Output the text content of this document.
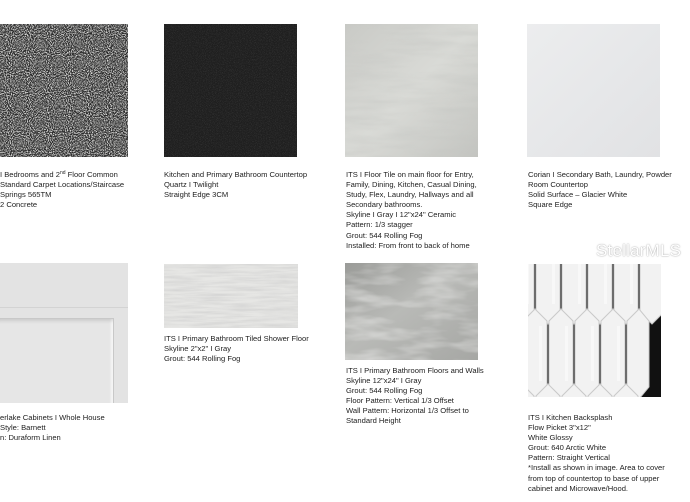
I Bedrooms and 2nd Floor Common
Standard Carpet Locations/Staircase
Springs 565TM
2 Concrete
Kitchen and Primary Bathroom Countertop
Quartz I Twilight
Straight Edge 3CM
ITS I Floor Tile on main floor for Entry,
Family, Dining, Kitchen, Casual Dining,
Study, Flex, Laundry, Hallways and all
Secondary bathrooms.
Skyline I Gray I 12"x24" Ceramic
Pattern: 1/3 stagger
Grout: 544 Rolling Fog
Installed: From front to back of home
Corian I Secondary Bath, Laundry, Powder
Room Countertop
Solid Surface – Glacier White
Square Edge
erlake Cabinets I Whole House
Style: Barnett
n: Duraform Linen
ITS I Primary Bathroom Tiled Shower Floor
Skyline 2"x2" I Gray
Grout: 544 Rolling Fog
ITS I Primary Bathroom Floors and Walls
Skyline 12"x24" I Gray
Grout: 544 Rolling Fog
Floor Pattern: Vertical 1/3 Offset
Wall Pattern: Horizontal 1/3 Offset to
Standard Height	ITS I Kitchen Backsplash
Flow Picket 3"x12"
White Glossy
Grout: 640 Arctic White
Pattern: Straight Vertical
*Install as shown in image. Area to cover
from top of countertop to base of upper
cabinet and Microwave/Hood.
StellarMLS
